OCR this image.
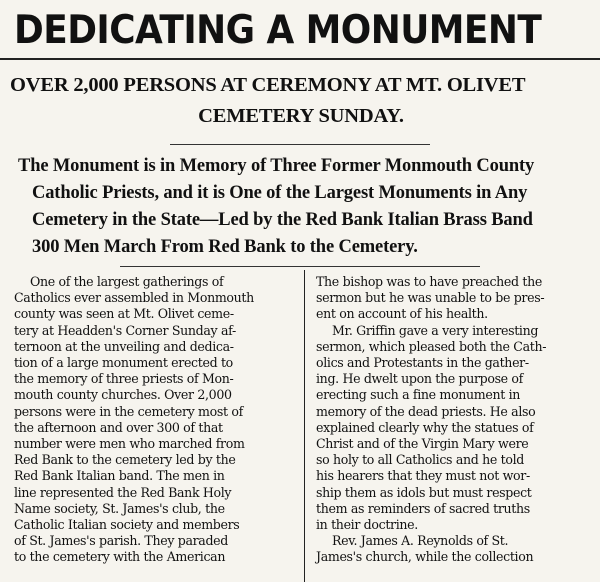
DEDICATING A MONUMENT
OVER 2,000 PERSONS AT CEREMONY AT MT. OLIVET
CEMETERY SUNDAY.
The Monument is in Memory of Three Former Monmouth County
Catholic Priests, and it is One of the Largest Monuments in Any
Cemetery in the State—Led by the Red Bank Italian Brass Band
300 Men March From Red Bank to the Cemetery.
One of the largest gatherings of
Catholics ever assembled in Monmouth
county was seen at Mt. Olivet ceme-
tery at Headden's Corner Sunday af-
ternoon at the unveiling and dedica-
tion of a large monument erected to
the memory of three priests of Mon-
mouth county churches. Over 2,000
persons were in the cemetery most of
the afternoon and over 300 of that
number were men who marched from
Red Bank to the cemetery led by the
Red Bank Italian band. The men in
line represented the Red Bank Holy
Name society, St. James's club, the
Catholic Italian society and members
of St. James's parish. They paraded
to the cemetery with the American
The bishop was to have preached the
sermon but he was unable to be pres-
ent on account of his health.
Mr. Griffin gave a very interesting
sermon, which pleased both the Cath-
olics and Protestants in the gather-
ing. He dwelt upon the purpose of
erecting such a fine monument in
memory of the dead priests. He also
explained clearly why the statues of
Christ and of the Virgin Mary were
so holy to all Catholics and he told
his hearers that they must not wor-
ship them as idols but must respect
them as reminders of sacred truths
in their doctrine.
Rev. James A. Reynolds of St.
James's church, while the collection
